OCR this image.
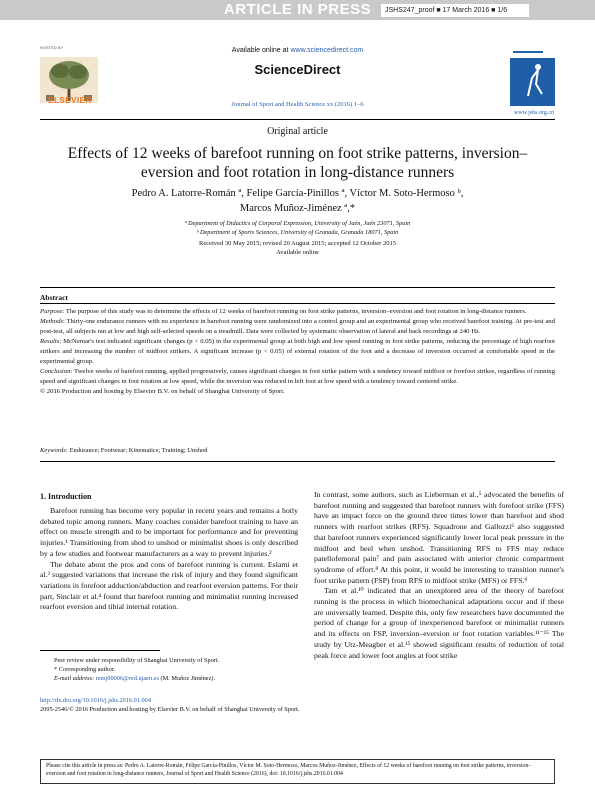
ARTICLE IN PRESS	JSHS247_proof ■ 17 March 2016 ■ 1/6
HOSTED BY
ELSEVIER
Available online at www.sciencedirect.com
ScienceDirect
Journal of Sport and Health Science xx (2016) 1–6
www.jshs.org.cn
Original article
Effects of 12 weeks of barefoot running on foot strike patterns, inversion–eversion and foot rotation in long-distance runners
Pedro A. Latorre-Román ª, Felipe García-Pinillos ª, Víctor M. Soto-Hermoso ᵇ,
Marcos Muñoz-Jiménez ª,*
ª Department of Didactics of Corporal Expression, University of Jaén, Jaén 23071, Spain
ᵇ Department of Sports Sciences, University of Granada, Granada 18071, Spain
Received 30 May 2015; revised 20 August 2015; accepted 12 October 2015
Available online
Abstract

Purpose: The purpose of this study was to determine the effects of 12 weeks of barefoot running on foot strike patterns, inversion–eversion and foot rotation in long-distance runners.

Methods: Thirty-one endurance runners with no experience in barefoot running were randomized into a control group and an experimental group who received barefoot training. At pre-test and post-test, all subjects ran at low and high self-selected speeds on a treadmill. Data were collected by systematic observation of lateral and back recordings at 240 Hz.

Results: McNemar's test indicated significant changes (p < 0.05) in the experimental group at both high and low speed running in foot strike patterns, reducing the percentage of high rearfoot strikers and increasing the number of midfoot strikers. A significant increase (p < 0.05) of external rotation of the foot and a decrease of inversion occurred at comfortable speed in the experimental group.

Conclusion: Twelve weeks of barefoot running, applied progressively, causes significant changes in foot strike pattern with a tendency toward midfoot or forefoot strikes, regardless of running speed and significant changes in foot rotation at low speed, while the inversion was reduced in left foot at low speed with a tendency toward centered strike.

© 2016 Production and hosting by Elsevier B.V. on behalf of Shanghai University of Sport.

Keywords: Endurance; Footwear; Kinematics; Training; Unshod
1. Introduction

Barefoot running has become very popular in recent years and remains a hotly debated topic among runners. Many coaches consider barefoot training to have an effect on muscle strength and to be important for performance and for preventing injuries.¹ Transitioning from shod to unshod or minimalist shoes is only described by a few studies and footwear manufacturers as a way to prevent injuries.²

The debate about the pros and cons of barefoot running is current. Eslami et al.³ suggested variations that increase the risk of injury and they found significant variations in forefoot adduction/abduction and rearfoot eversion patterns. For their part, Sinclair et al.⁴ found that barefoot running and minimalist running increased rearfoot eversion and tibial internal rotation.

In contrast, some authors, such as Lieberman et al.,⁵ advocated the benefits of barefoot running and suggested that barefoot runners with forefoot strike (FFS) have an impact force on the ground three times lower than barefoot and shod runners with rearfoot strikes (RFS). Squadrone and Gallozzi⁶ also suggested that barefoot runners experienced significantly lower local peak pressure in the midfoot and heel when unshod. Transitioning RFS to FFS may reduce patellofemoral pain⁷ and pain associated with anterior chronic compartment syndrome of effort.⁸ At this point, it would be interesting to transition runner's foot strike pattern (FSP) from RFS to midfoot strike (MFS) or FFS.⁹

Tam et al.¹⁰ indicated that an unexplored area of the theory of barefoot running is the process in which biomechanical adaptations occur and if these are universally learned. Despite this, only few researchers have documented the period of change for a group of inexperienced barefoot or minimalist runners and its effects on FSP, inversion–eversion or foot rotation variables.¹¹⁻¹⁵ The study by Utz-Meagher et al.¹⁵ showed significant results of reduction of total peak force and lower foot angles at foot strike

Peer review under responsibility of Shanghai University of Sport.
* Corresponding author.
E-mail address: mmj00006@red.ujaen.es (M. Muñoz Jiménez).
http://dx.doi.org/10.1016/j.jshs.2016.01.004
2095-2546/© 2016 Production and hosting by Elsevier B.V. on behalf of Shanghai University of Sport.
Please cite this article in press as: Pedro A. Latorre-Román, Felipe García-Pinillos, Víctor M. Soto-Hermoso, Marcos Muñoz-Jiménez, Effects of 12 weeks of barefoot running on foot strike patterns, inversion–eversion and foot rotation in long-distance runners, Journal of Sport and Health Science (2016), doi: 10.1016/j.jshs.2016.01.004
